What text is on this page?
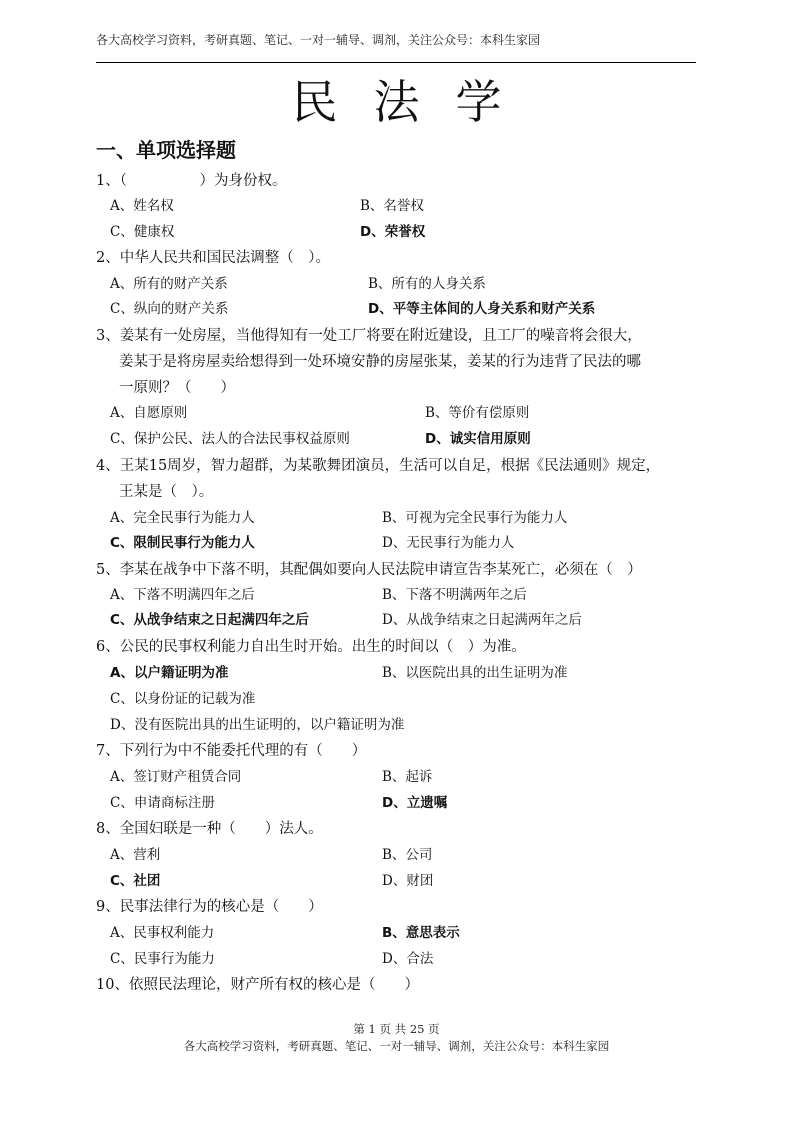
各大高校学习资料，考研真题、笔记、一对一辅导、调剂，关注公众号：本科生家园
民法学
一、单项选择题
1、（　　　　　）为身份权。
A、姓名权	B、名誉权
C、健康权	D、荣誉权
2、中华人民共和国民法调整（　）。
A、所有的财产关系	B、所有的人身关系
C、纵向的财产关系	D、平等主体间的人身关系和财产关系
3、姜某有一处房屋，当他得知有一处工厂将要在附近建设，且工厂的噪音将会很大，
姜某于是将房屋卖给想得到一处环境安静的房屋张某，姜某的行为违背了民法的哪
一原则？（　　）
A、自愿原则	B、等价有偿原则
C、保护公民、法人的合法民事权益原则	D、诚实信用原则
4、王某15周岁，智力超群，为某歌舞团演员，生活可以自足，根据《民法通则》规定，
王某是（　）。
A、完全民事行为能力人	B、可视为完全民事行为能力人
C、限制民事行为能力人	D、无民事行为能力人
5、李某在战争中下落不明，其配偶如要向人民法院申请宣告李某死亡，必须在（　）
A、下落不明满四年之后	B、下落不明满两年之后
C、从战争结束之日起满四年之后	D、从战争结束之日起满两年之后
6、公民的民事权利能力自出生时开始。出生的时间以（　）为准。
A、以户籍证明为准	B、以医院出具的出生证明为准
C、以身份证的记载为准
D、没有医院出具的出生证明的，以户籍证明为准
7、下列行为中不能委托代理的有（　　）
A、签订财产租赁合同	B、起诉
C、申请商标注册	D、立遗嘱
8、全国妇联是一种（　　）法人。
A、营利	B、公司
C、社团	D、财团
9、民事法律行为的核心是（　　）
A、民事权利能力	B、意思表示
C、民事行为能力	D、合法
10、依照民法理论，财产所有权的核心是（　　）
第 1 页 共 25 页
各大高校学习资料，考研真题、笔记、一对一辅导、调剂，关注公众号：本科生家园
